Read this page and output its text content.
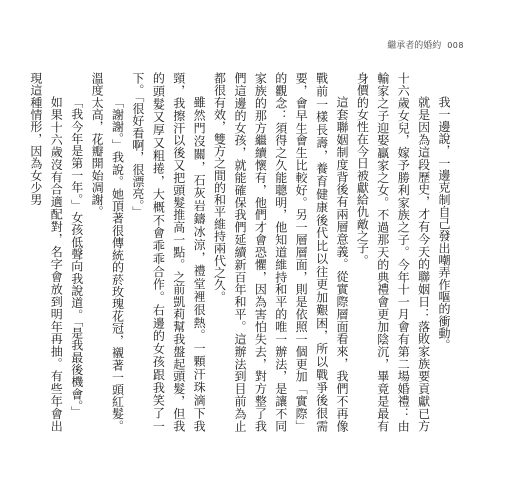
繼承者的婚約 008

我一邊說，一邊克制自己發出嘲弄作嘔的衝動。

就是因為這段歷史，才有今天的聯姻日：落敗家族要貢獻已方十六歲女兒，嫁予勝利家族之子。今年十一月會有第二場婚禮：由輸家之子迎娶贏家之女。不過那天的典禮會更加陰沉，畢竟是最有身價的女性在今日被獻給仇敵之子。

這套聯姻制度背後有兩層意義。從實際層面看來，我們不再像戰前一樣長壽，養育健康後代比以往更加艱困，所以戰爭後很需要，會早生會生比較好。另一層層面，則是依照一個更加「實際」的觀念：須得之久能聰明，他知道維持和平的唯一辦法，是讓不同家族的那方繼續懷有，他們才會恐懼，因為害怕失去，對方整了我們這邊的女孩，就能確保我們延續新百年和平。這辦法到目前為止都很有效，雙方之間的和平維持兩代之久。

雖然門沒關，石灰岩鑄冰涼，禮堂裡很熱。一顆汗珠滴下我頸，我擦汗以後又把頭髮推高一點。之前凱莉幫我盤起頭髮，但我的頭髮又厚又粗捲，大概不會乖乖合作。右邊的女孩跟我笑了一下。「很好看啊，很漂亮。」

「謝謝。」我說。她頂著很傳統的菸玫瑰花冠，襯著一頭紅髮。溫度太高，花瓣開始凋謝。

「我今年是第一年。」女孩低聲向我說道。「是我最後機會。」

如果十六歲沒有合適配對，名字會放到明年再抽。有些年會出現這種情形，因為女少男
